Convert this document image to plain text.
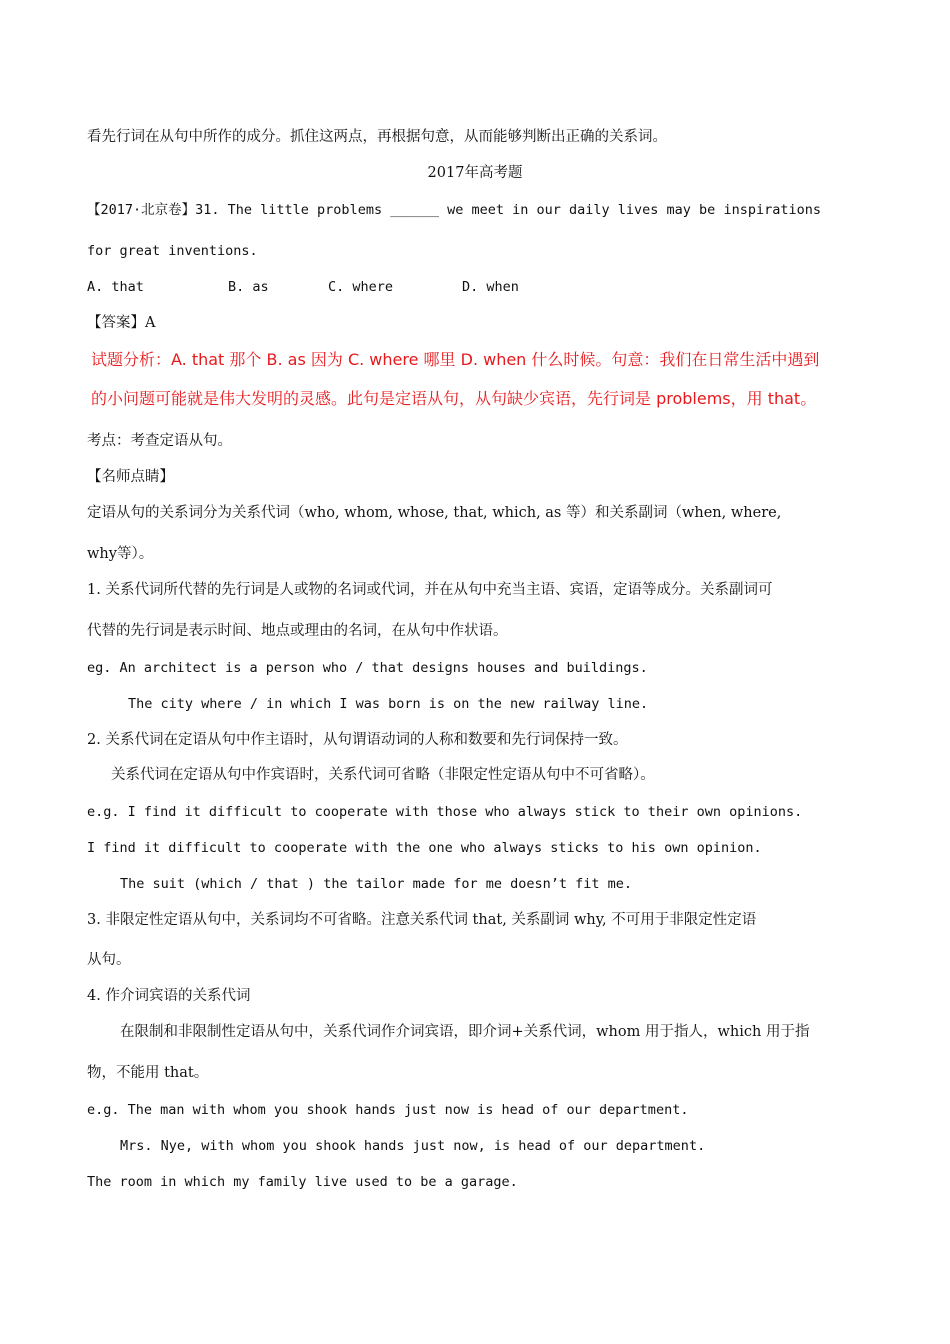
看先行词在从句中所作的成分。抓住这两点，再根据句意，从而能够判断出正确的关系词。
2017年高考题
【2017·北京卷】31. The little problems ______ we meet in our daily lives may be inspirations
for great inventions.
A. that	B. as	C. where	D. when
【答案】A
试题分析：A. that 那个 B. as 因为 C. where 哪里 D. when 什么时候。句意：我们在日常生活中遇到
的小问题可能就是伟大发明的灵感。此句是定语从句，从句缺少宾语，先行词是 problems，用 that。
考点：考查定语从句。
【名师点睛】
定语从句的关系词分为关系代词（who, whom, whose, that, which, as 等）和关系副词（when, where,
why等）。
1. 关系代词所代替的先行词是人或物的名词或代词，并在从句中充当主语、宾语，定语等成分。关系副词可
代替的先行词是表示时间、地点或理由的名词，在从句中作状语。
eg. An architect is a person who / that designs houses and buildings.
The city where / in which I was born is on the new railway line.
2. 关系代词在定语从句中作主语时，从句谓语动词的人称和数要和先行词保持一致。
关系代词在定语从句中作宾语时，关系代词可省略（非限定性定语从句中不可省略）。
e.g. I find it difficult to cooperate with those who always stick to their own opinions.
I find it difficult to cooperate with the one who always sticks to his own opinion.
The suit (which / that ) the tailor made for me doesn’t fit me.
3. 非限定性定语从句中，关系词均不可省略。注意关系代词 that, 关系副词 why, 不可用于非限定性定语
从句。
4. 作介词宾语的关系代词
在限制和非限制性定语从句中，关系代词作介词宾语，即介词+关系代词，whom 用于指人，which 用于指
物，不能用 that。
e.g. The man with whom you shook hands just now is head of our department.
Mrs. Nye, with whom you shook hands just now, is head of our department.
The room in which my family live used to be a garage.
